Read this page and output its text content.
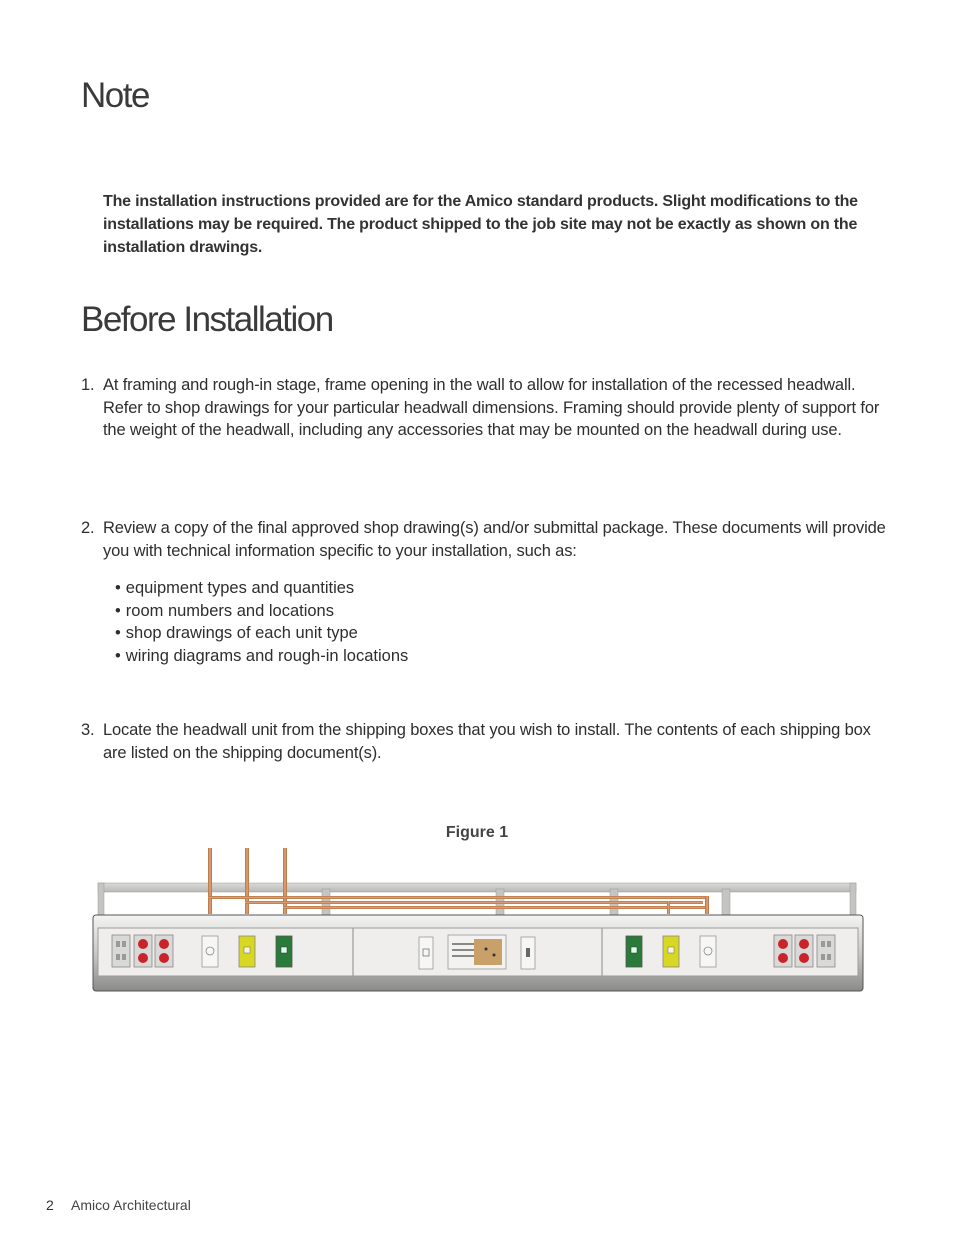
Note
The installation instructions provided are for the Amico standard products. Slight modifications to the installations may be required. The product shipped to the job site may not be exactly as shown on the installation drawings.
Before Installation
1. At framing and rough-in stage, frame opening in the wall to allow for installation of the recessed headwall. Refer to shop drawings for your particular headwall dimensions. Framing should provide plenty of support for the weight of the headwall, including any accessories that may be mounted on the headwall during use.
2. Review a copy of the final approved shop drawing(s) and/or submittal package. These documents will provide you with technical information specific to your installation, such as:
• equipment types and quantities
• room numbers and locations
• shop drawings of each unit type
• wiring diagrams and rough-in locations
3. Locate the headwall unit from the shipping boxes that you wish to install. The contents of each shipping box are listed on the shipping document(s).
Figure 1
2 Amico Architectural
